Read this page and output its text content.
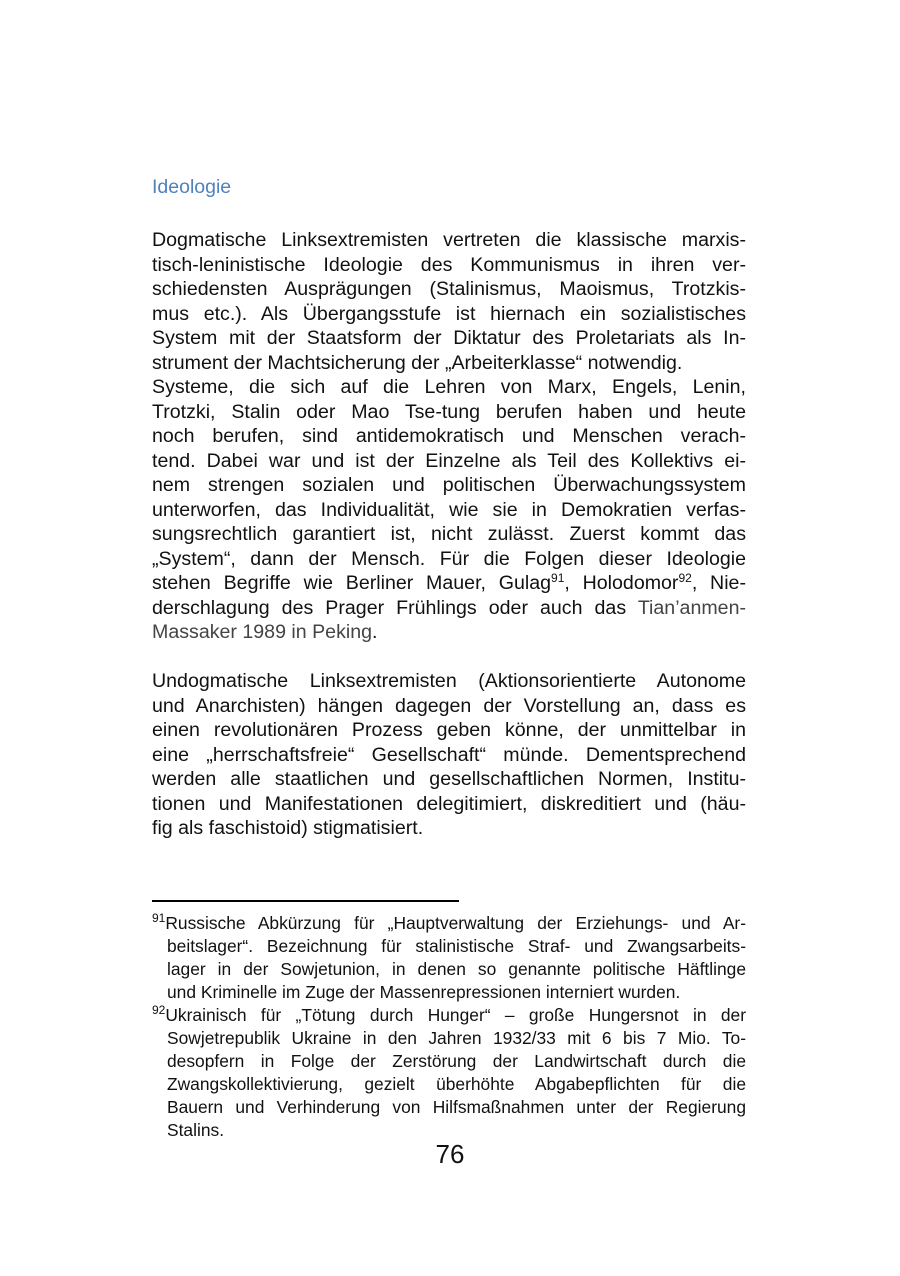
Ideologie
Dogmatische Linksextremisten vertreten die klassische marxis-
tisch-leninistische Ideologie des Kommunismus in ihren ver-
schiedensten Ausprägungen (Stalinismus, Maoismus, Trotzkis-
mus etc.). Als Übergangsstufe ist hiernach ein sozialistisches
System mit der Staatsform der Diktatur des Proletariats als In-
strument der Machtsicherung der „Arbeiterklasse“ notwendig.
Systeme, die sich auf die Lehren von Marx, Engels, Lenin,
Trotzki, Stalin oder Mao Tse-tung berufen haben und heute
noch berufen, sind antidemokratisch und Menschen verach-
tend. Dabei war und ist der Einzelne als Teil des Kollektivs ei-
nem strengen sozialen und politischen Überwachungssystem
unterworfen, das Individualität, wie sie in Demokratien verfas-
sungsrechtlich garantiert ist, nicht zulässt. Zuerst kommt das
„System“, dann der Mensch. Für die Folgen dieser Ideologie
stehen Begriffe wie Berliner Mauer, Gulag$^{91}$, Holodomor$^{92}$, Nie-
derschlagung des Prager Frühlings oder auch das Tian’anmen-
Massaker 1989 in Peking.
Undogmatische Linksextremisten (Aktionsorientierte Autonome
und Anarchisten) hängen dagegen der Vorstellung an, dass es
einen revolutionären Prozess geben könne, der unmittelbar in
eine „herrschaftsfreie“ Gesellschaft“ münde. Dementsprechend
werden alle staatlichen und gesellschaftlichen Normen, Institu-
tionen und Manifestationen delegitimiert, diskreditiert und (häu-
fig als faschistoid) stigmatisiert.
$^{91}$Russische Abkürzung für „Hauptverwaltung der Erziehungs- und Ar-
beitslager“. Bezeichnung für stalinistische Straf- und Zwangsarbeits-
lager in der Sowjetunion, in denen so genannte politische Häftlinge
und Kriminelle im Zuge der Massenrepressionen interniert wurden.
$^{92}$Ukrainisch für „Tötung durch Hunger“ – große Hungersnot in der
Sowjetrepublik Ukraine in den Jahren 1932/33 mit 6 bis 7 Mio. To-
desopfern in Folge der Zerstörung der Landwirtschaft durch die
Zwangskollektivierung, gezielt überhöhte Abgabepflichten für die
Bauern und Verhinderung von Hilfsmaßnahmen unter der Regierung
Stalins.
76
